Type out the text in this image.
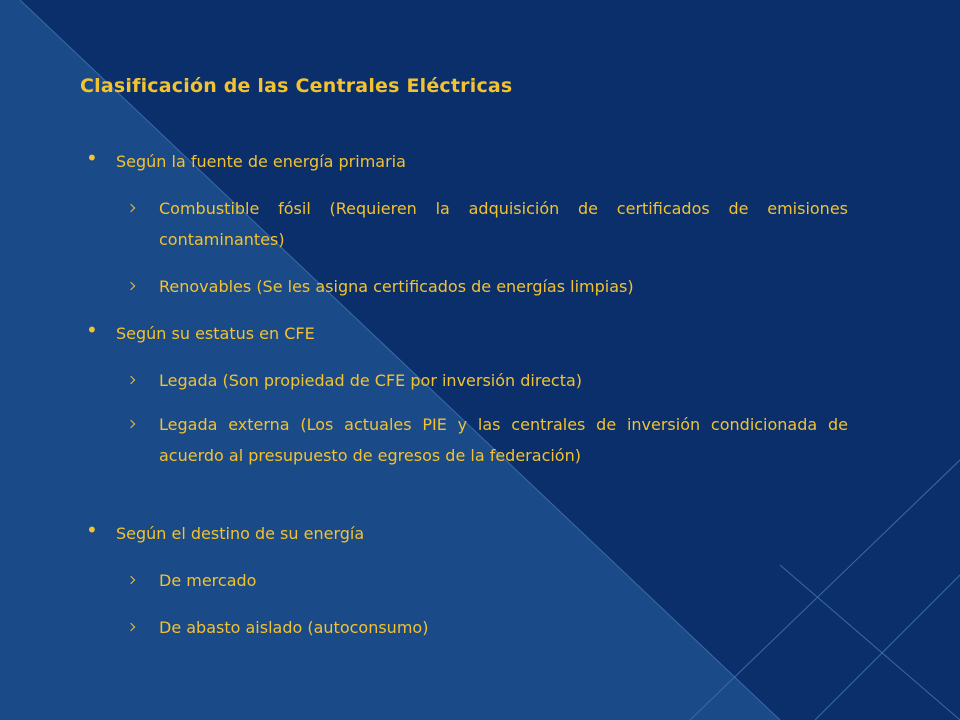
Clasificación de las Centrales Eléctricas
• Según la fuente de energía primaria
Combustible fósil (Requieren la adquisición de certificados de emisiones contaminantes)
Renovables (Se les asigna certificados de energías limpias)
• Según su estatus en CFE
Legada (Son propiedad de CFE por inversión directa)
Legada externa (Los actuales PIE y las centrales de inversión condicionada de acuerdo al presupuesto de egresos de la federación)
• Según el destino de su energía
De mercado
De abasto aislado (autoconsumo)
